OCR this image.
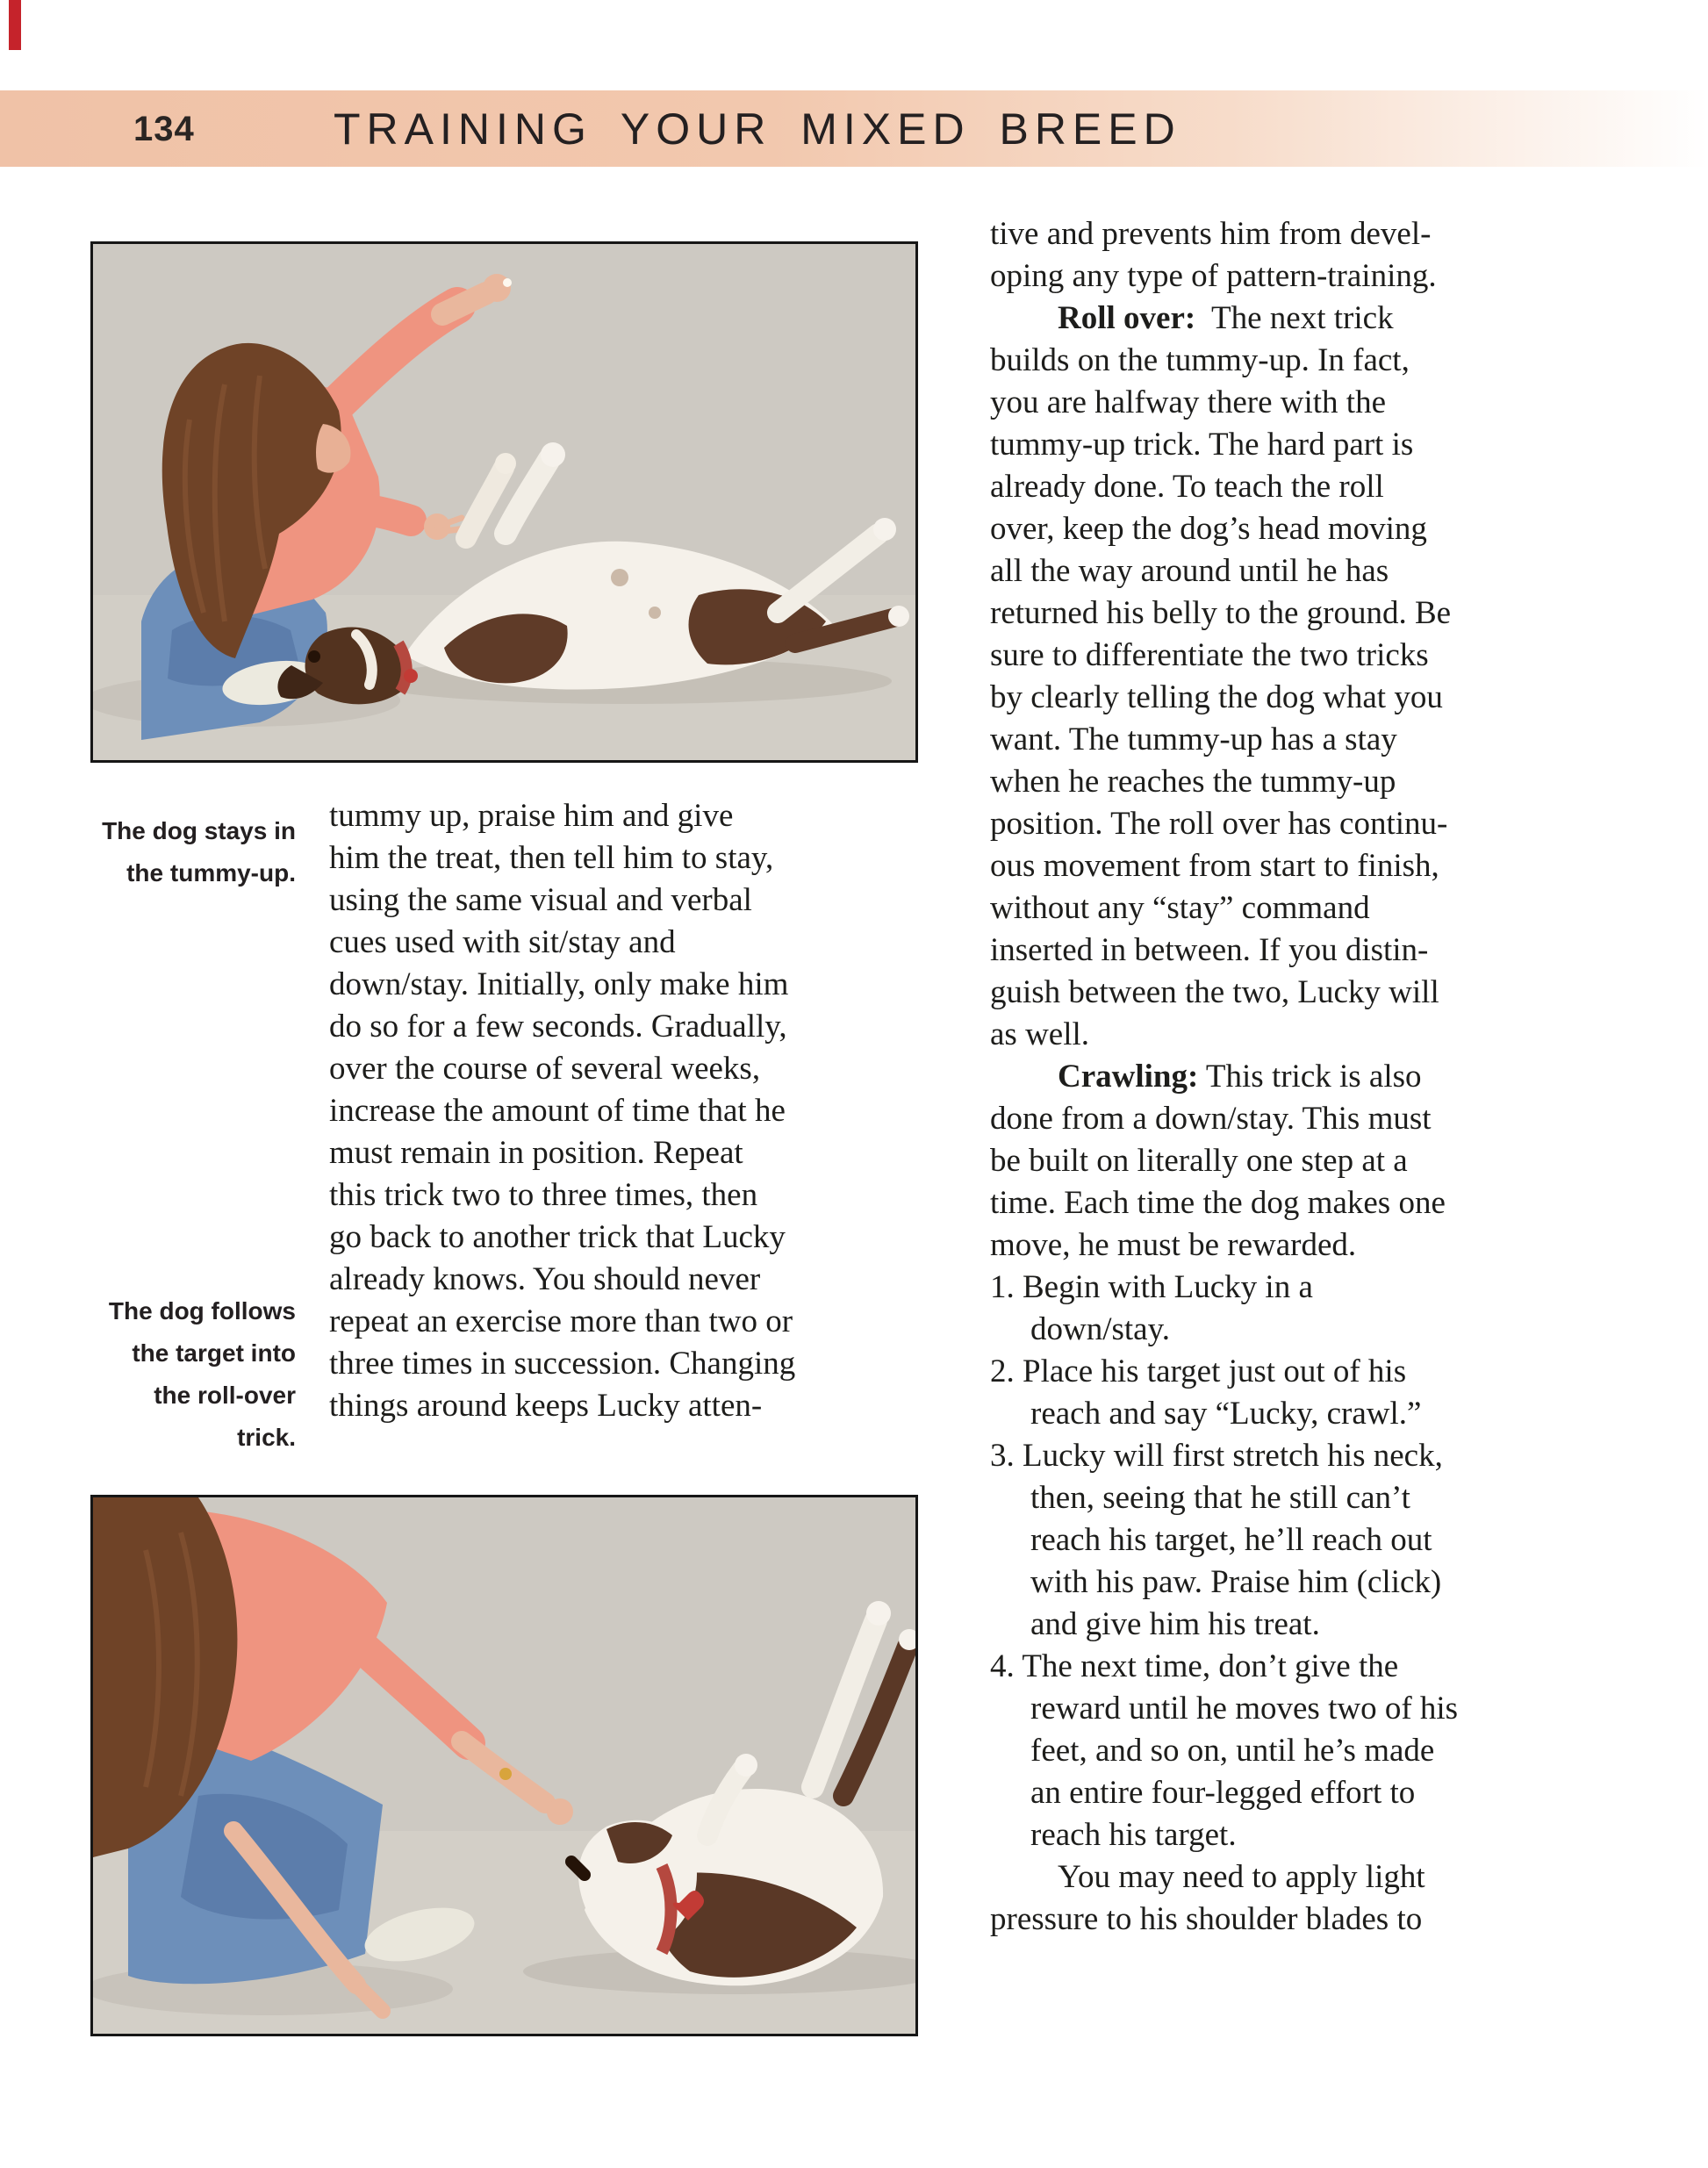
134	TRAINING YOUR MIXED BREED
The dog stays in
the tummy-up.
tummy up, praise him and give
him the treat, then tell him to stay,
using the same visual and verbal
cues used with sit/stay and
down/stay. Initially, only make him
do so for a few seconds. Gradually,
over the course of several weeks,
increase the amount of time that he
must remain in position. Repeat
this trick two to three times, then
go back to another trick that Lucky
already knows. You should never
repeat an exercise more than two or
three times in succession. Changing
things around keeps Lucky atten-
The dog follows
the target into
the roll-over
trick.
tive and prevents him from devel-
oping any type of pattern-training.
Roll over:  The next trick
builds on the tummy-up. In fact,
you are halfway there with the
tummy-up trick. The hard part is
already done. To teach the roll
over, keep the dog’s head moving
all the way around until he has
returned his belly to the ground. Be
sure to differentiate the two tricks
by clearly telling the dog what you
want. The tummy-up has a stay
when he reaches the tummy-up
position. The roll over has continu-
ous movement from start to finish,
without any “stay” command
inserted in between. If you distin-
guish between the two, Lucky will
as well.
Crawling: This trick is also
done from a down/stay. This must
be built on literally one step at a
time. Each time the dog makes one
move, he must be rewarded.
1. Begin with Lucky in a
down/stay.
2. Place his target just out of his
reach and say “Lucky, crawl.”
3. Lucky will first stretch his neck,
then, seeing that he still can’t
reach his target, he’ll reach out
with his paw. Praise him (click)
and give him his treat.
4. The next time, don’t give the
reward until he moves two of his
feet, and so on, until he’s made
an entire four-legged effort to
reach his target.
You may need to apply light
pressure to his shoulder blades to
